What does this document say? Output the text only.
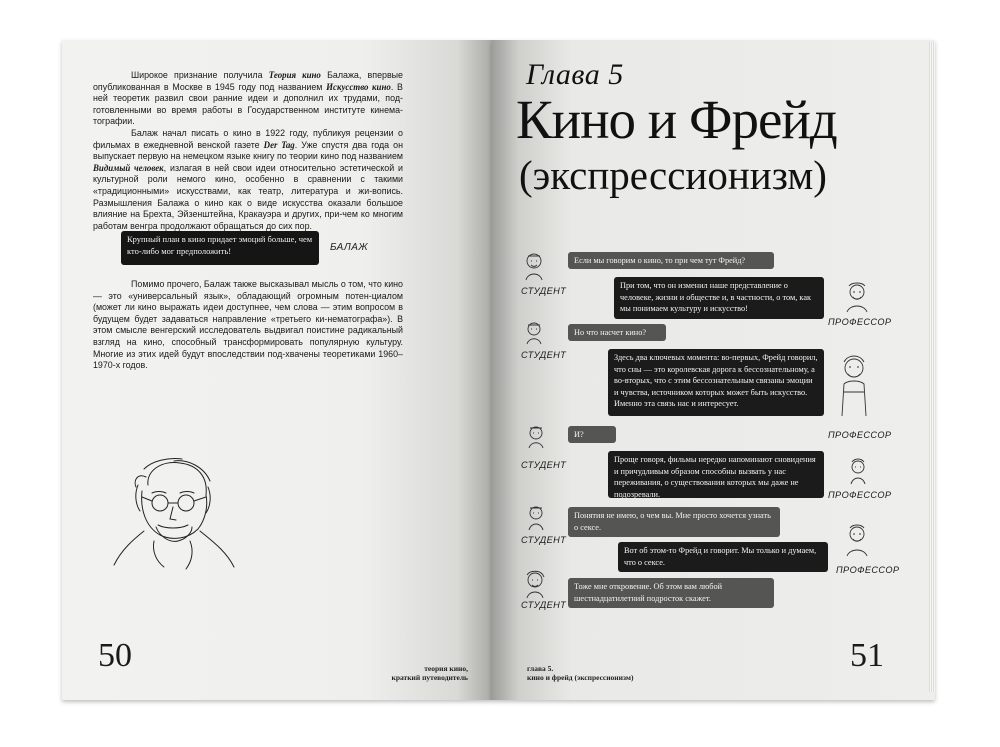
Широкое признание получила Теория кино Балажа, впервые опубликованная в Москве в 1945 году под названием Искусство кино. В ней теоретик развил свои ранние идеи и дополнил их трудами, под-готовленными во время работы в Государственном институте кинема-тографии.

Балаж начал писать о кино в 1922 году, публикуя рецензии о фильмах в ежедневной венской газете Der Tag. Уже спустя два года он выпускает первую на немецком языке книгу по теории кино под названием Видимый человек, излагая в ней свои идеи относительно эстетической и культурной роли немого кино, особенно в сравнении с такими «традиционными» искусствами, как театр, литература и жи-вопись. Размышления Балажа о кино как о виде искусства оказали большое влияние на Брехта, Эйзенштейна, Кракауэра и других, при-чем ко многим работам венгра продолжают обращаться до сих пор.

Крупный план в кино придает эмоций больше, чем кто-либо мог предположить!	БАЛАЖ

Помимо прочего, Балаж также высказывал мысль о том, что кино — это «универсальный язык», обладающий огромным потен-циалом (может ли кино выражать идеи доступнее, чем слова — этим вопросом в будущем будет задаваться направление «третьего ки-нематографа»). В этом смысле венгерский исследователь выдвигал поистине радикальный взгляд на кино, способный трансформировать популярную культуру. Многие из этих идей будут впоследствии под-хвачены теоретиками 1960–1970-х годов.

50	теория кино,
краткий путеводитель
Глава 5
Кино и Фрейд
(экспрессионизм)
Если мы говорим о кино, то при чем тут Фрейд?
СТУДЕНТ
При том, что он изменил наше представление о человеке, жизни и обществе и, в частности, о том, как мы понимаем культуру и искусство!
ПРОФЕССОР
Но что насчет кино?
СТУДЕНТ	Здесь два ключевых момента: во-первых, Фрейд говорил, что сны — это королевская дорога к бессознательному, а во-вторых, что с этим бессознательным связаны эмоции и чувства, источником которых может быть искусство. Именно эта связь нас и интересует.
ПРОФЕССОР
И?
СТУДЕНТ
Проще говоря, фильмы нередко напоминают сновидения и причудливым образом способны вызвать у нас переживания, о существовании которых мы даже не подозревали.	ПРОФЕССОР
Понятия не имею, о чем вы. Мне просто хочется узнать о сексе.
СТУДЕНТ
Вот об этом-то Фрейд и говорит. Мы только и думаем, что о сексе.
ПРОФЕССОР
Тоже мне откровение. Об этом вам любой шестнадцатилетний подросток скажет.
СТУДЕНТ
51
глава 5.
кино и фрейд (экспрессионизм)
